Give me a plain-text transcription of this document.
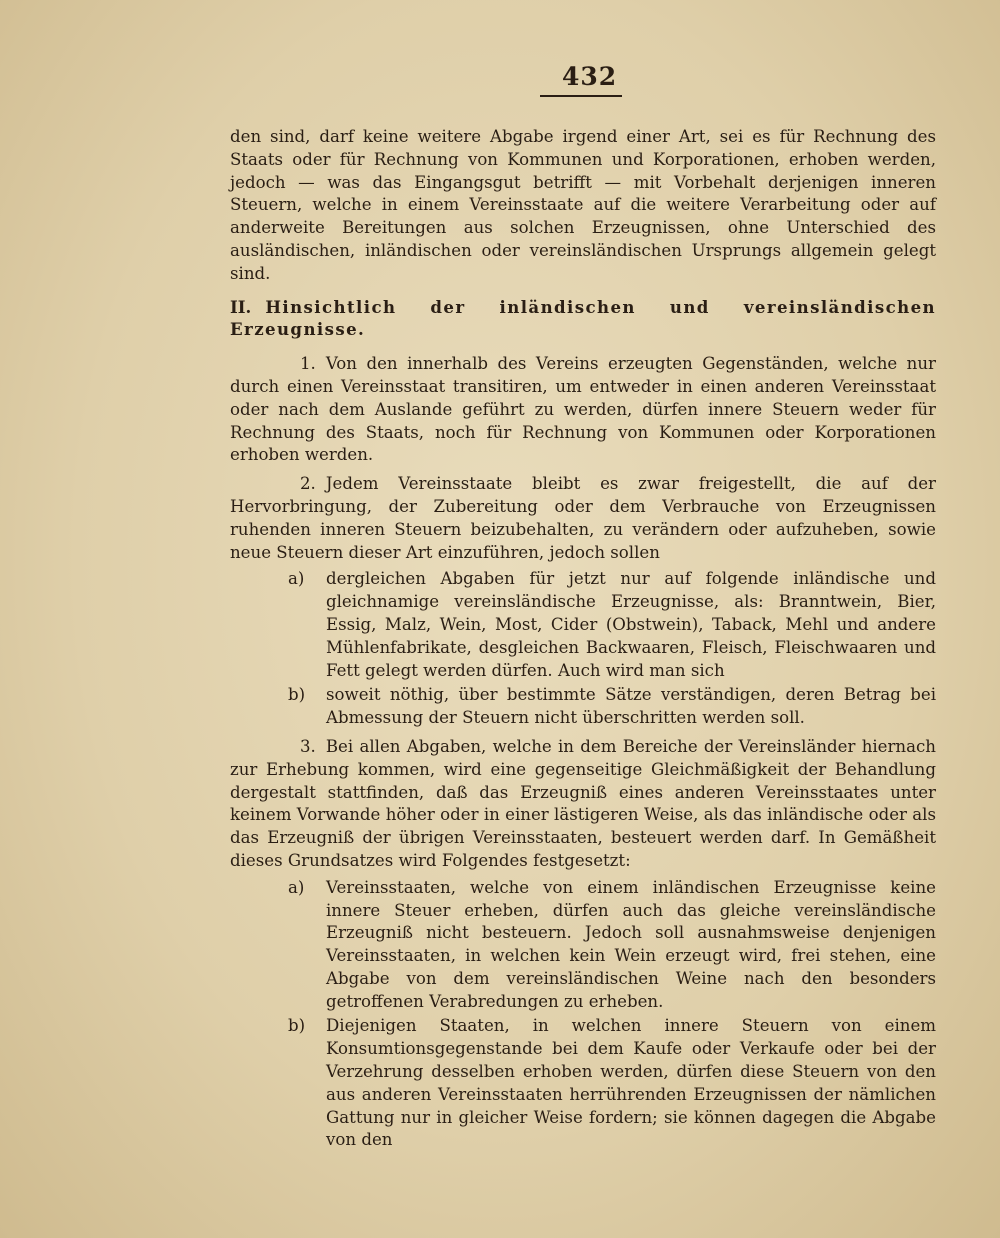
432

den sind, darf keine weitere Abgabe irgend einer Art, sei es für Rechnung des Staats oder für Rechnung von Kommunen und Korporationen, erhoben werden, jedoch — was das Eingangsgut betrifft — mit Vorbehalt derjenigen inneren Steuern, welche in einem Vereinsstaate auf die weitere Verarbeitung oder auf anderweite Bereitungen aus solchen Erzeugnissen, ohne Unterschied des ausländischen, inländischen oder vereinsländischen Ursprungs allgemein gelegt sind.

II. Hinsichtlich der inländischen und vereinsländischen Erzeugnisse.

1. Von den innerhalb des Vereins erzeugten Gegenständen, welche nur durch einen Vereinsstaat transitiren, um entweder in einen anderen Vereinsstaat oder nach dem Auslande geführt zu werden, dürfen innere Steuern weder für Rechnung des Staats, noch für Rechnung von Kommunen oder Korporationen erhoben werden.

2. Jedem Vereinsstaate bleibt es zwar freigestellt, die auf der Hervorbringung, der Zubereitung oder dem Verbrauche von Erzeugnissen ruhenden inneren Steuern beizubehalten, zu verändern oder aufzuheben, sowie neue Steuern dieser Art einzuführen, jedoch sollen

a) dergleichen Abgaben für jetzt nur auf folgende inländische und gleichnamige vereinsländische Erzeugnisse, als: Branntwein, Bier, Essig, Malz, Wein, Most, Cider (Obstwein), Taback, Mehl und andere Mühlenfabrikate, desgleichen Backwaaren, Fleisch, Fleischwaaren und Fett gelegt werden dürfen. Auch wird man sich

b) soweit nöthig, über bestimmte Sätze verständigen, deren Betrag bei Abmessung der Steuern nicht überschritten werden soll.

3. Bei allen Abgaben, welche in dem Bereiche der Vereinsländer hiernach zur Erhebung kommen, wird eine gegenseitige Gleichmäßigkeit der Behandlung dergestalt stattfinden, daß das Erzeugniß eines anderen Vereinsstaates unter keinem Vorwande höher oder in einer lästigeren Weise, als das inländische oder als das Erzeugniß der übrigen Vereinsstaaten, besteuert werden darf. In Gemäßheit dieses Grundsatzes wird Folgendes festgesetzt:

a) Vereinsstaaten, welche von einem inländischen Erzeugnisse keine innere Steuer erheben, dürfen auch das gleiche vereinsländische Erzeugniß nicht besteuern. Jedoch soll ausnahmsweise denjenigen Vereinsstaaten, in welchen kein Wein erzeugt wird, frei stehen, eine Abgabe von dem vereinsländischen Weine nach den besonders getroffenen Verabredungen zu erheben.

b) Diejenigen Staaten, in welchen innere Steuern von einem Konsumtionsgegenstande bei dem Kaufe oder Verkaufe oder bei der Verzehrung desselben erhoben werden, dürfen diese Steuern von den aus anderen Vereinsstaaten herrührenden Erzeugnissen der nämlichen Gattung nur in gleicher Weise fordern; sie können dagegen die Abgabe von den
